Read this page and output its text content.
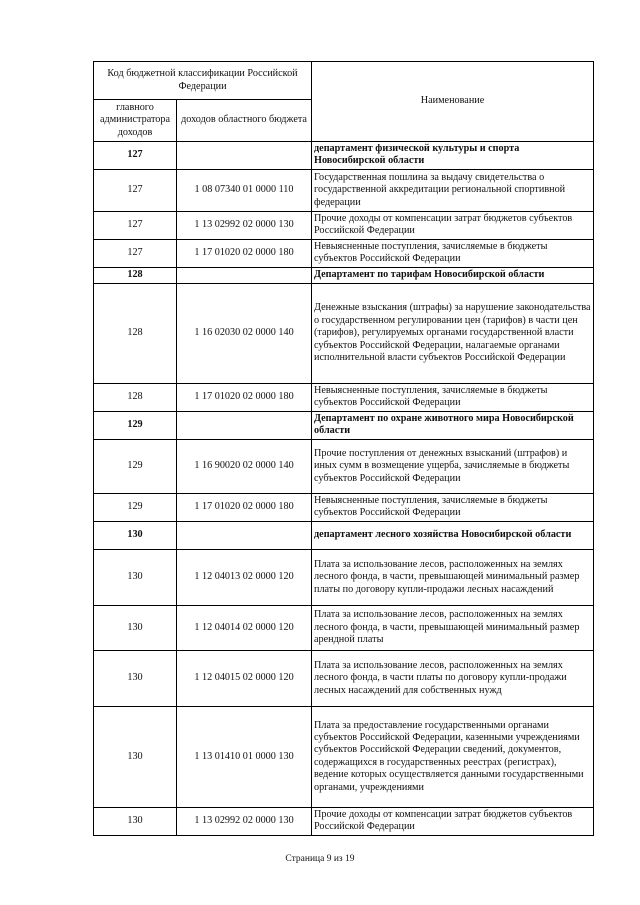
Код бюджетной классификации Российской Федерации		Наименование
главного администратора доходов	доходов областного бюджета	
127		департамент физической культуры и спорта Новосибирской области
127	1 08 07340 01 0000 110	Государственная пошлина за выдачу свидетельства о государственной аккредитации региональной спортивной федерации
127	1 13 02992 02 0000 130	Прочие доходы от компенсации затрат бюджетов субъектов Российской Федерации
127	1 17 01020 02 0000 180	Невыясненные поступления, зачисляемые в бюджеты субъектов Российской Федерации
128		Департамент по тарифам Новосибирской области
128	1 16 02030 02 0000 140	Денежные взыскания (штрафы) за нарушение законодательства о государственном регулировании цен (тарифов) в части цен (тарифов), регулируемых органами государственной власти субъектов Российской Федерации, налагаемые органами исполнительной власти субъектов Российской Федерации
128	1 17 01020 02 0000 180	Невыясненные поступления, зачисляемые в бюджеты субъектов Российской Федерации
129		Департамент по охране животного мира Новосибирской области
129	1 16 90020 02 0000 140	Прочие поступления от денежных взысканий (штрафов) и иных сумм в возмещение ущерба, зачисляемые в бюджеты субъектов Российской Федерации
129	1 17 01020 02 0000 180	Невыясненные поступления, зачисляемые в бюджеты субъектов Российской Федерации
130		департамент лесного хозяйства Новосибирской области
130	1 12 04013 02 0000 120	Плата за использование лесов, расположенных на землях лесного фонда, в части, превышающей минимальный размер платы по договору купли-продажи лесных насаждений
130	1 12 04014 02 0000 120	Плата за использование лесов, расположенных на землях лесного фонда, в части, превышающей минимальный размер арендной платы
130	1 12 04015 02 0000 120	Плата за использование лесов, расположенных на землях лесного фонда, в части платы по договору купли-продажи лесных насаждений для собственных нужд
130	1 13 01410 01 0000 130	Плата за предоставление государственными органами субъектов Российской Федерации, казенными учреждениями субъектов Российской Федерации сведений, документов, содержащихся в государственных реестрах (регистрах), ведение которых осуществляется данными государственными органами, учреждениями
130	1 13 02992 02 0000 130	Прочие доходы от компенсации затрат бюджетов субъектов Российской Федерации
Страница 9 из 19
